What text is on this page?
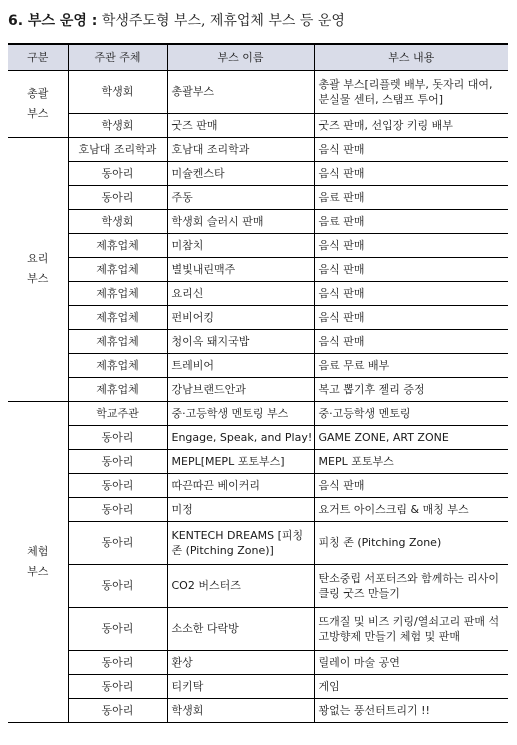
6. 부스 운영 : 학생주도형 부스, 제휴업체 부스 등 운영
구분	주관 주체	부스 이름	부스 내용
총괄
부스	학생회	총괄부스	총괄 부스[리플렛 배부, 돗자리 대여, 분실물 센터, 스탬프 투어]
	학생회	굿즈 판매	굿즈 판매, 선입장 키링 배부
요리
부스	호남대 조리학과	호남대 조리학과	음식 판매
	동아리	미슐켄스타	음식 판매
	동아리	주동	음료 판매
	학생회	학생회 슬러시 판매	음료 판매
	제휴업체	미참치	음식 판매
	제휴업체	별빛내린맥주	음식 판매
	제휴업체	요리신	음식 판매
	제휴업체	펀비어킹	음식 판매
	제휴업체	청이옥 돼지국밥	음식 판매
	제휴업체	트레비어	음료 무료 배부
	제휴업체	강남브랜드안과	복고 뽑기후 젤리 증정
체험
부스	학교주관	중·고등학생 멘토링 부스	중·고등학생 멘토링
	동아리	Engage, Speak, and Play!	GAME ZONE, ART ZONE
	동아리	MEPL[MEPL 포토부스]	MEPL 포토부스
	동아리	따끈따끈 베이커리	음식 판매
	동아리	미정	요거트 아이스크림 & 매칭 부스
	동아리	KENTECH DREAMS [피칭 존 (Pitching Zone)]	피칭 존 (Pitching Zone)
	동아리	CO2 버스터즈	탄소중립 서포터즈와 함께하는 리사이클링 굿즈 만들기
	동아리	소소한 다락방	뜨개질 및 비즈 키링/열쇠고리 판매 석고방향제 만들기 체험 및 판매
	동아리	환상	릴레이 마술 공연
	동아리	티키탁	게임
	동아리	학생회	꽝없는 풍선터트리기 !!
